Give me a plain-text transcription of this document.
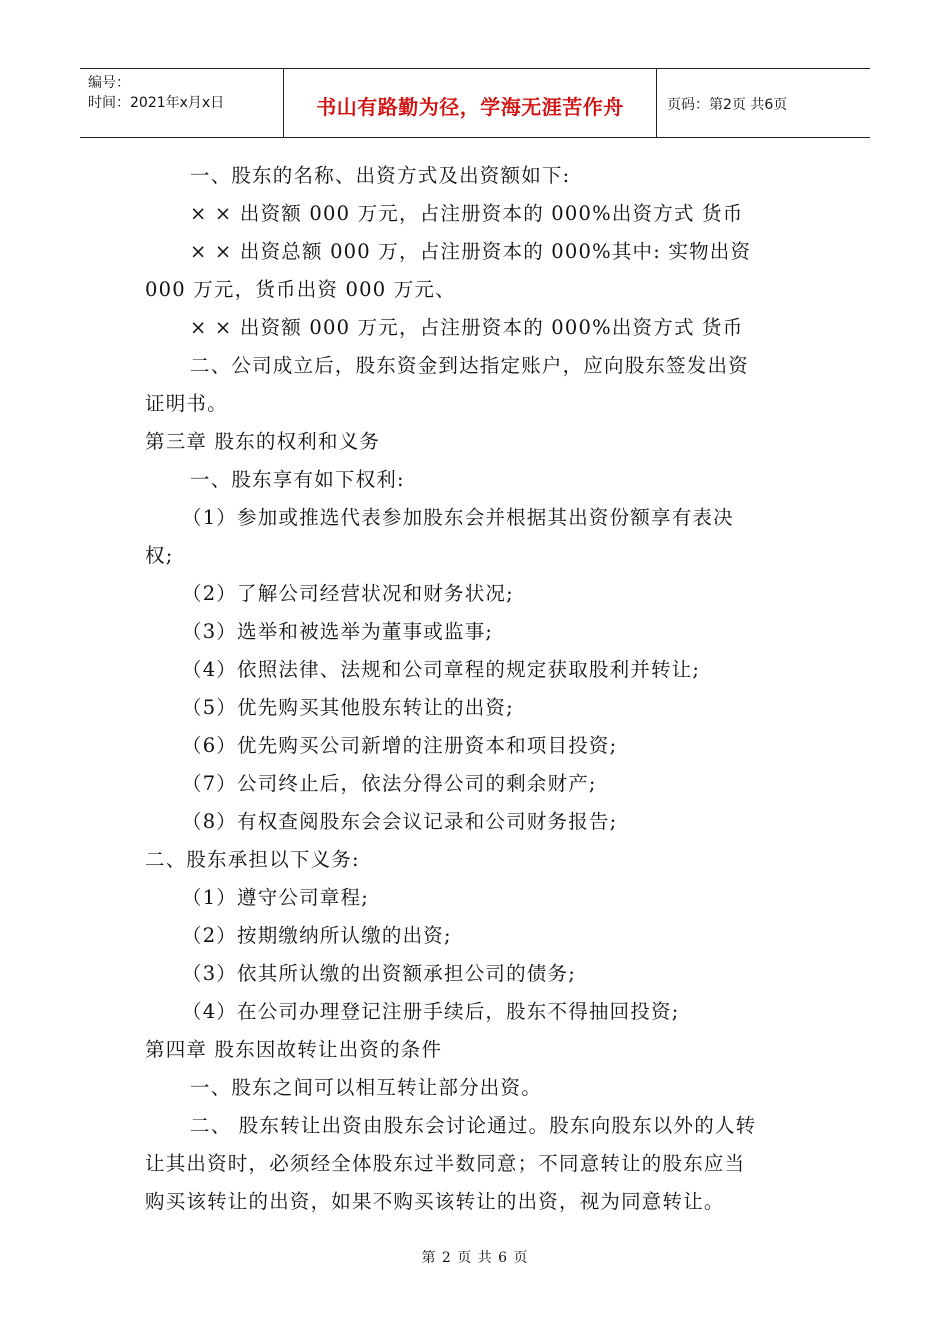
编号：
时间：2021年x月x日	书山有路勤为径，学海无涯苦作舟	页码：第2页 共6页
一、股东的名称、出资方式及出资额如下:
× × 出资额 000 万元，占注册资本的 000%出资方式 货币
× × 出资总额 000 万，占注册资本的 000%其中: 实物出资
000 万元，货币出资 000 万元、
× × 出资额 000 万元，占注册资本的 000%出资方式 货币
二、公司成立后，股东资金到达指定账户，应向股东签发出资
证明书。
第三章 股东的权利和义务
一、股东享有如下权利:
（1）参加或推选代表参加股东会并根据其出资份额享有表决
权;
（2）了解公司经营状况和财务状况;
（3）选举和被选举为董事或监事;
（4）依照法律、法规和公司章程的规定获取股利并转让;
（5）优先购买其他股东转让的出资;
（6）优先购买公司新增的注册资本和项目投资;
（7）公司终止后，依法分得公司的剩余财产;
（8）有权查阅股东会会议记录和公司财务报告;
二、股东承担以下义务:
（1）遵守公司章程;
（2）按期缴纳所认缴的出资;
（3）依其所认缴的出资额承担公司的债务;
（4）在公司办理登记注册手续后，股东不得抽回投资;
第四章 股东因故转让出资的条件
一、股东之间可以相互转让部分出资。
二、 股东转让出资由股东会讨论通过。股东向股东以外的人转
让其出资时，必须经全体股东过半数同意；不同意转让的股东应当
购买该转让的出资，如果不购买该转让的出资，视为同意转让。
第 2 页 共 6 页
